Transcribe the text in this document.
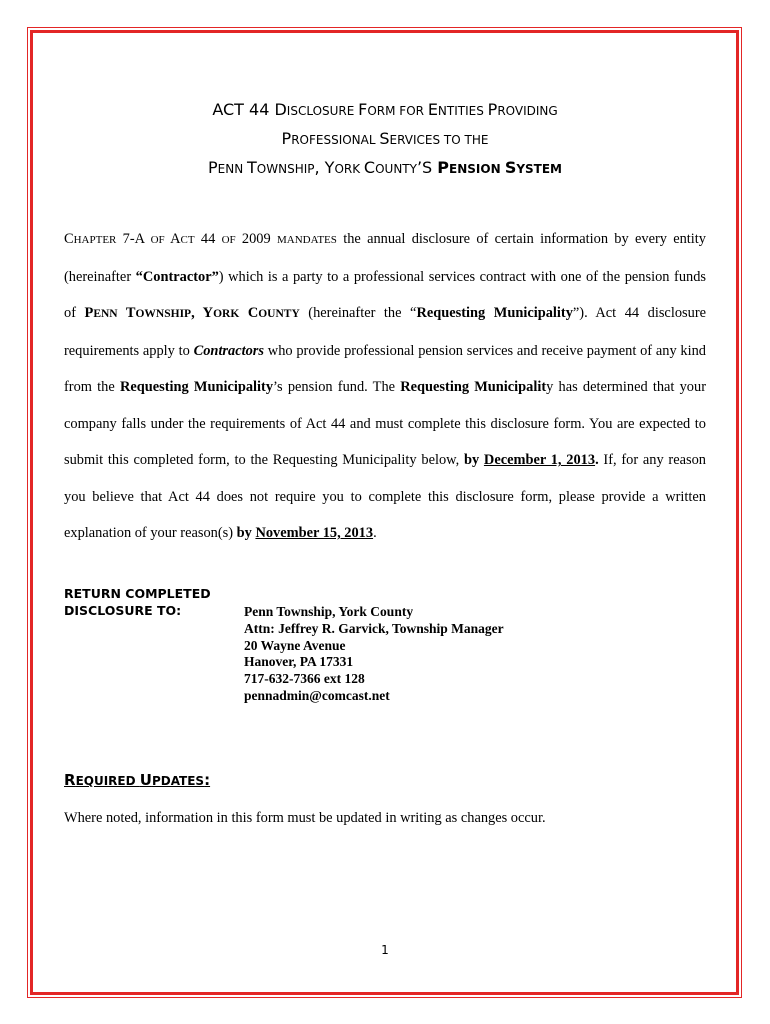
ACT 44 DISCLOSURE FORM FOR ENTITIES PROVIDING
PROFESSIONAL SERVICES TO THE
PENN TOWNSHIP, YORK COUNTY’S PENSION SYSTEM
CHAPTER 7-A OF ACT 44 OF 2009 MANDATES the annual disclosure of certain information by every entity (hereinafter “Contractor”) which is a party to a professional services contract with one of the pension funds of PENN TOWNSHIP, YORK COUNTY (hereinafter the “Requesting Municipality”). Act 44 disclosure requirements apply to Contractors who provide professional pension services and receive payment of any kind from the Requesting Municipality’s pension fund. The Requesting Municipality has determined that your company falls under the requirements of Act 44 and must complete this disclosure form. You are expected to submit this completed form, to the Requesting Municipality below, by December 1, 2013. If, for any reason you believe that Act 44 does not require you to complete this disclosure form, please provide a written explanation of your reason(s) by November 15, 2013.
RETURN COMPLETED
DISCLOSURE TO:	Penn Township, York County
Attn: Jeffrey R. Garvick, Township Manager
20 Wayne Avenue
Hanover, PA 17331
717-632-7366 ext 128
pennadmin@comcast.net
REQUIRED UPDATES:
Where noted, information in this form must be updated in writing as changes occur.
1
